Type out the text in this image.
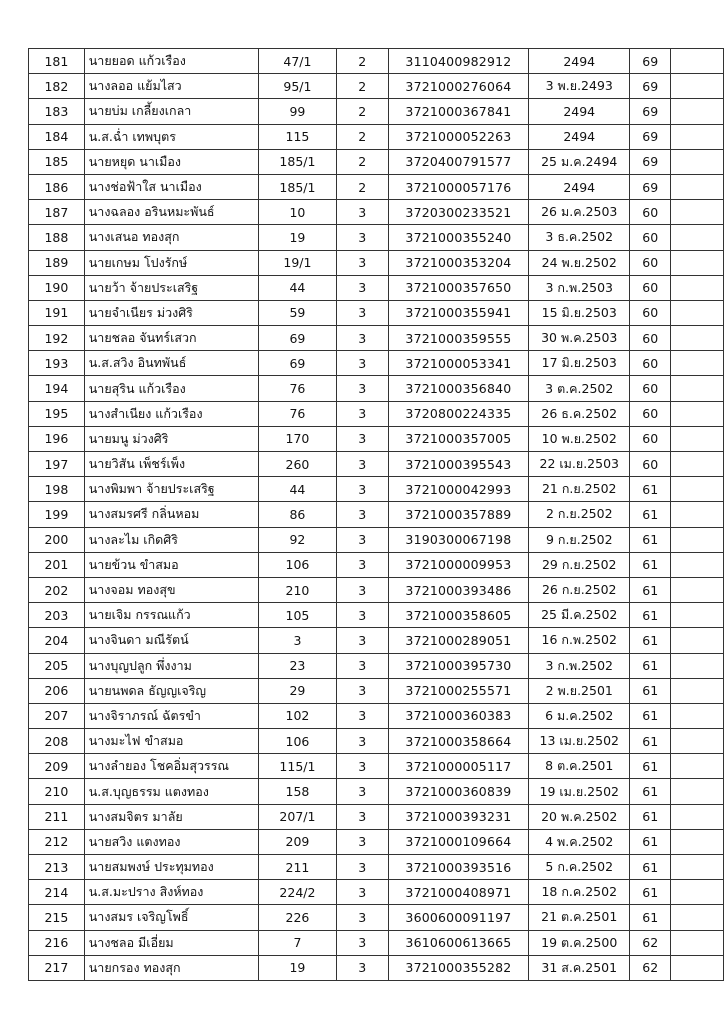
181	นายยอด แก้วเรือง	47/1	2	3110400982912	2494	69	
182	นางลออ แย้มไสว	95/1	2	3721000276064	3 พ.ย.2493	69	
183	นายบ่ม เกลี้ยงเกลา	99	2	3721000367841	2494	69	
184	น.ส.ฉ่ำ เทพบุตร	115	2	3721000052263	2494	69	
185	นายหยุด นาเมือง	185/1	2	3720400791577	25 ม.ค.2494	69	
186	นางช่อฟ้าใส นาเมือง	185/1	2	3721000057176	2494	69	
187	นางฉลอง อรินหมะพันธ์	10	3	3720300233521	26 ม.ค.2503	60	
188	นางเสนอ ทองสุก	19	3	3721000355240	3 ธ.ค.2502	60	
189	นายเกษม โปงรักษ์	19/1	3	3721000353204	24 พ.ย.2502	60	
190	นายว้า จ้ายประเสริฐ	44	3	3721000357650	3 ก.พ.2503	60	
191	นายจำเนียร ม่วงศิริ	59	3	3721000355941	15 มิ.ย.2503	60	
192	นายชลอ จันทร์เสวก	69	3	3721000359555	30 พ.ค.2503	60	
193	น.ส.สวิง อินทพันธ์	69	3	3721000053341	17 มิ.ย.2503	60	
194	นายสุริน แก้วเรือง	76	3	3721000356840	3 ต.ค.2502	60	
195	นางสำเนียง แก้วเรือง	76	3	3720800224335	26 ธ.ค.2502	60	
196	นายมนู ม่วงศิริ	170	3	3721000357005	10 พ.ย.2502	60	
197	นายวิสัน เพ็ชร์เพ็ง	260	3	3721000395543	22 เม.ย.2503	60	
198	นางพิมพา จ้ายประเสริฐ	44	3	3721000042993	21 ก.ย.2502	61	
199	นางสมรศรี กลิ่นหอม	86	3	3721000357889	2 ก.ย.2502	61	
200	นางละไม เกิดศิริ	92	3	3190300067198	9 ก.ย.2502	61	
201	นายข้วน ขำสมอ	106	3	3721000009953	29 ก.ย.2502	61	
202	นางจอม ทองสุข	210	3	3721000393486	26 ก.ย.2502	61	
203	นายเจิม กรรณแก้ว	105	3	3721000358605	25 มี.ค.2502	61	
204	นางจินดา มณีรัตน์	3	3	3721000289051	16 ก.พ.2502	61	
205	นางบุญปลูก พึ่งงาม	23	3	3721000395730	3 ก.พ.2502	61	
206	นายนพดล ธัญญเจริญ	29	3	3721000255571	2 พ.ย.2501	61	
207	นางจิราภรณ์ ฉัตรขำ	102	3	3721000360383	6 ม.ค.2502	61	
208	นางมะไฟ ขำสมอ	106	3	3721000358664	13 เม.ย.2502	61	
209	นางลำยอง โชคอิ่มสุวรรณ	115/1	3	3721000005117	8 ต.ค.2501	61	
210	น.ส.บุญธรรม แตงทอง	158	3	3721000360839	19 เม.ย.2502	61	
211	นางสมจิตร มาลัย	207/1	3	3721000393231	20 พ.ค.2502	61	
212	นายสวิง แตงทอง	209	3	3721000109664	4 พ.ค.2502	61	
213	นายสมพงษ์ ประทุมทอง	211	3	3721000393516	5 ก.ค.2502	61	
214	น.ส.มะปราง สิงห์ทอง	224/2	3	3721000408971	18 ก.ค.2502	61	
215	นางสมร เจริญโพธิ์	226	3	3600600091197	21 ต.ค.2501	61	
216	นางชลอ มีเอี่ยม	7	3	3610600613665	19 ต.ค.2500	62	
217	นายกรอง ทองสุก	19	3	3721000355282	31 ส.ค.2501	62	
